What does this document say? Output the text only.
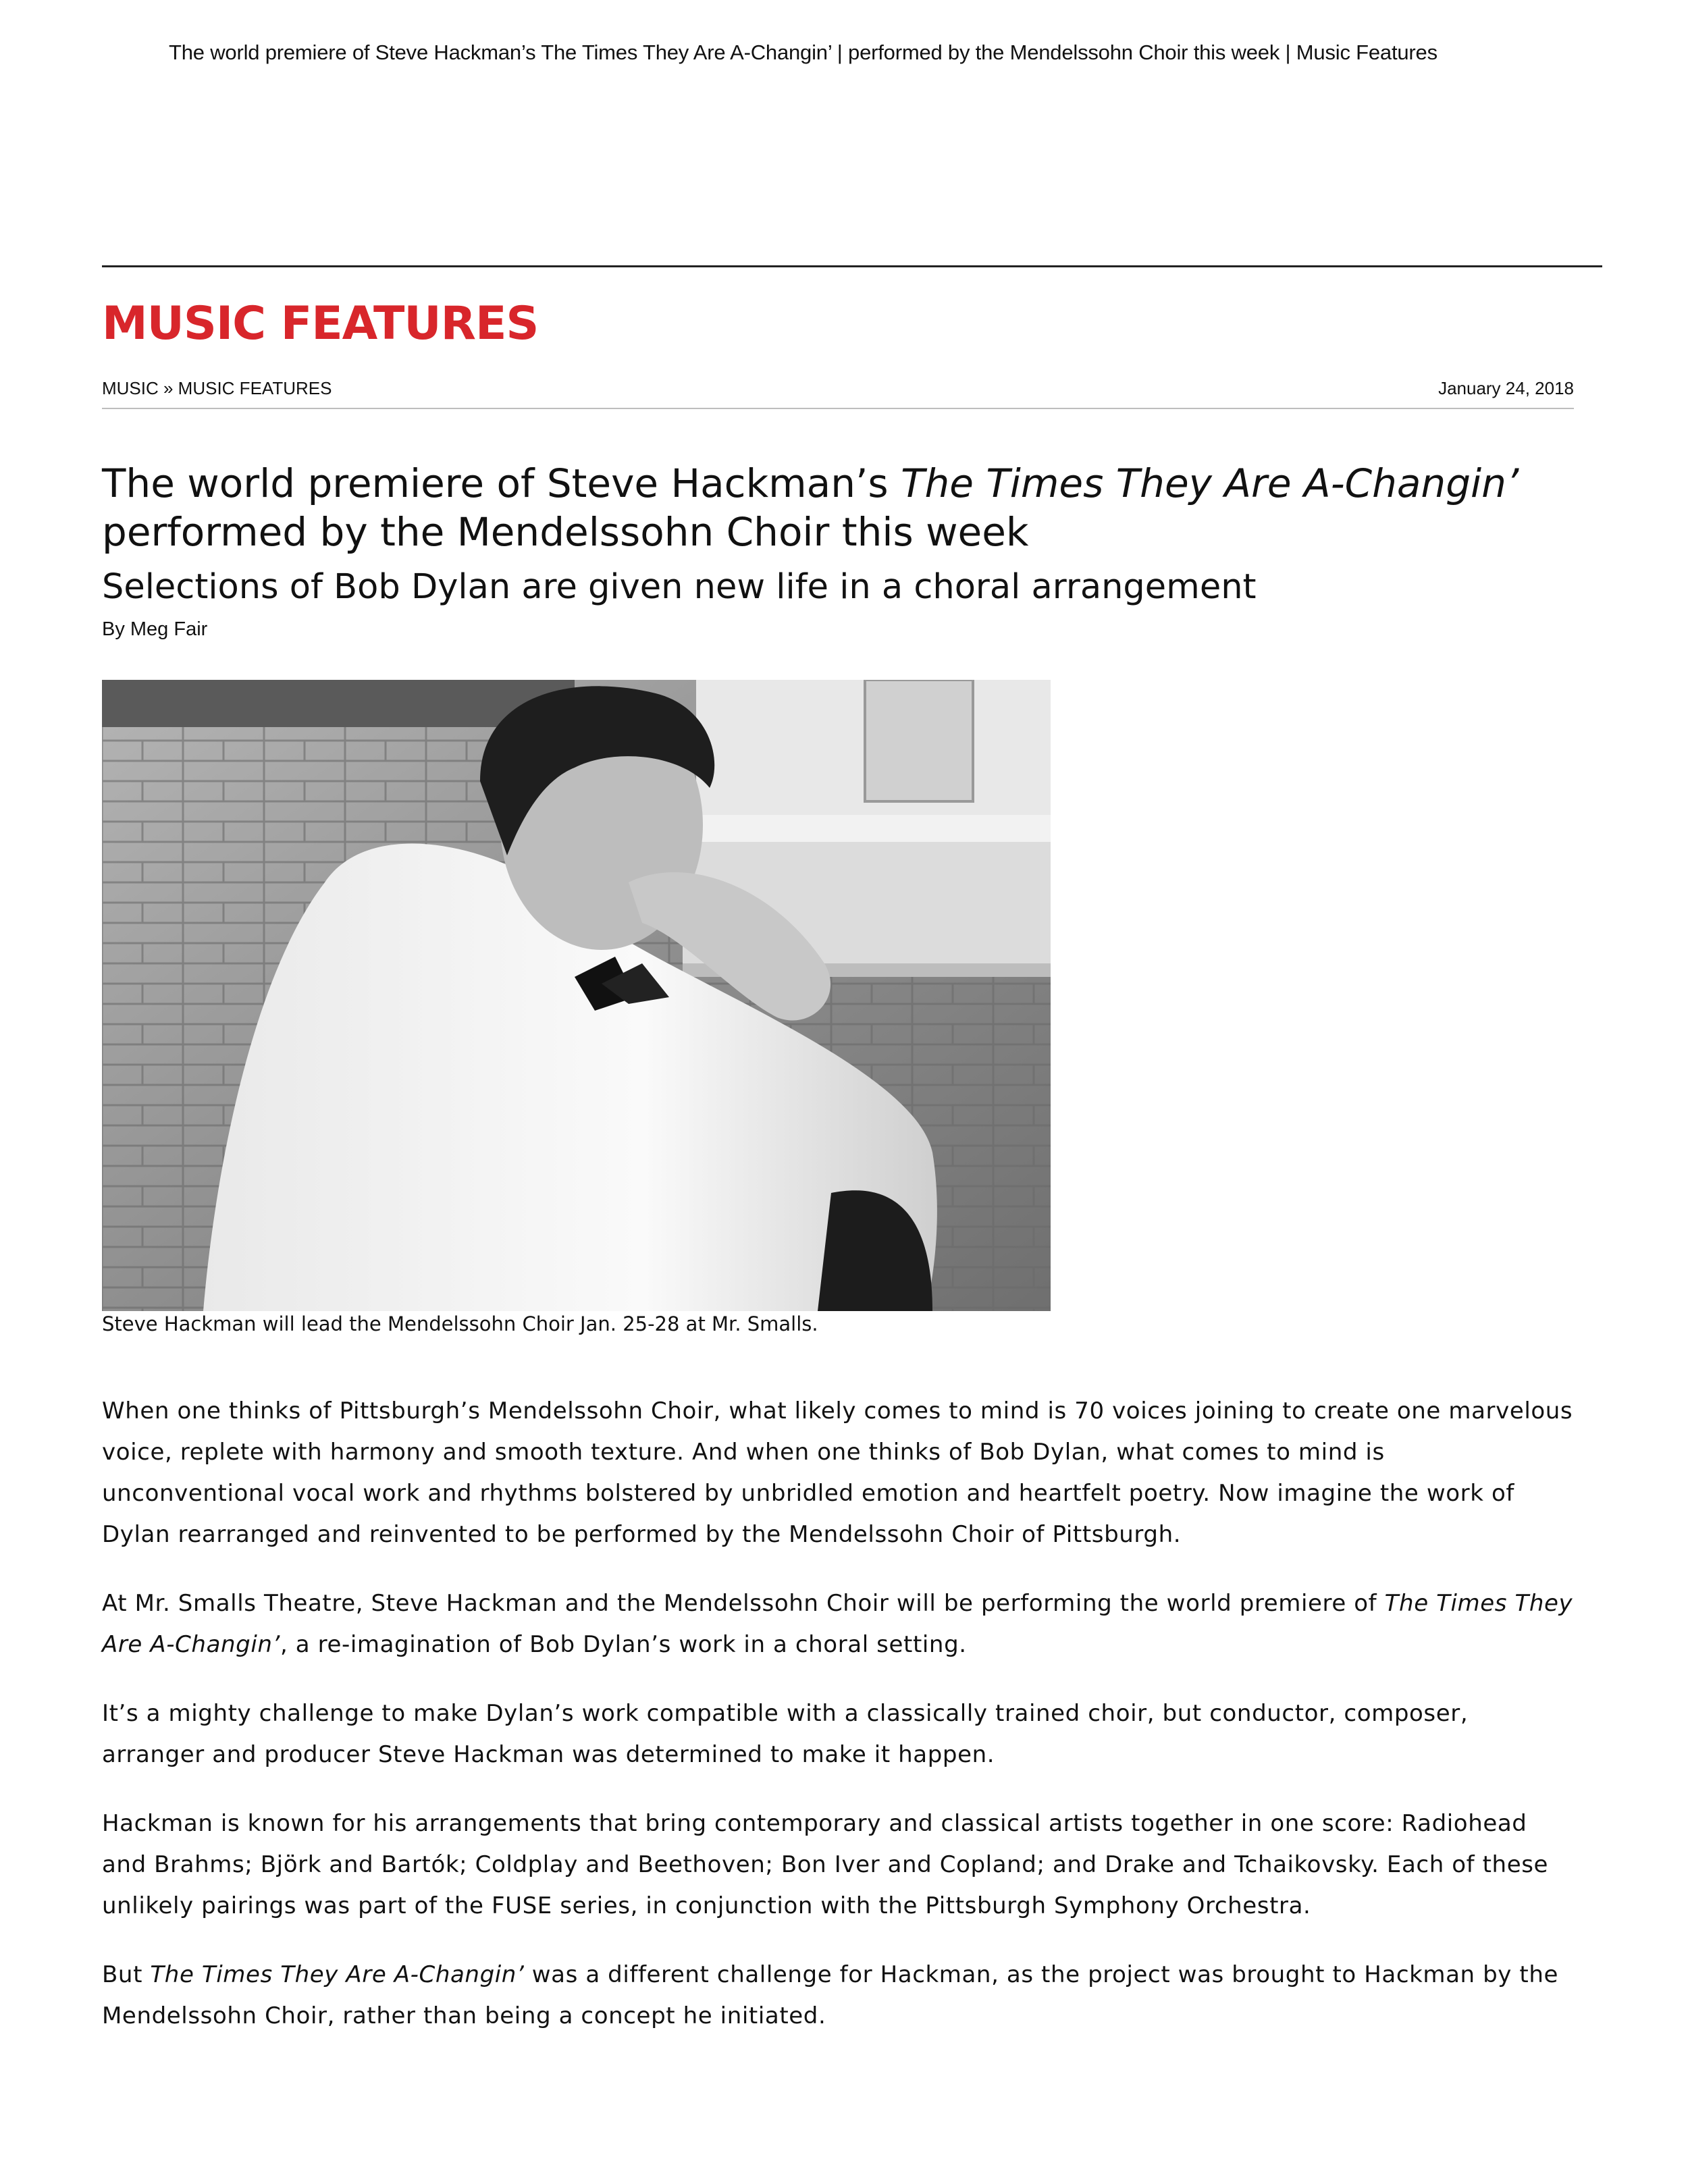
The world premiere of Steve Hackman’s The Times They Are A-Changin’ | performed by the Mendelssohn Choir this week | Music Features
MUSIC FEATURES
MUSIC » MUSIC FEATURES	January 24, 2018
The world premiere of Steve Hackman’s The Times They Are A-Changin’ performed by the Mendelssohn Choir this week
Selections of Bob Dylan are given new life in a choral arrangement
By Meg Fair
Steve Hackman will lead the Mendelssohn Choir Jan. 25-28 at Mr. Smalls.

When one thinks of Pittsburgh’s Mendelssohn Choir, what likely comes to mind is 70 voices joining to create one marvelous voice, replete with harmony and smooth texture. And when one thinks of Bob Dylan, what comes to mind is unconventional vocal work and rhythms bolstered by unbridled emotion and heartfelt poetry. Now imagine the work of Dylan rearranged and reinvented to be performed by the Mendelssohn Choir of Pittsburgh.

At Mr. Smalls Theatre, Steve Hackman and the Mendelssohn Choir will be performing the world premiere of The Times They Are A-Changin’, a re-imagination of Bob Dylan’s work in a choral setting.

It’s a mighty challenge to make Dylan’s work compatible with a classically trained choir, but conductor, composer, arranger and producer Steve Hackman was determined to make it happen.

Hackman is known for his arrangements that bring contemporary and classical artists together in one score: Radiohead and Brahms; Björk and Bartók; Coldplay and Beethoven; Bon Iver and Copland; and Drake and Tchaikovsky. Each of these unlikely pairings was part of the FUSE series, in conjunction with the Pittsburgh Symphony Orchestra.

But The Times They Are A-Changin’ was a different challenge for Hackman, as the project was brought to Hackman by the Mendelssohn Choir, rather than being a concept he initiated.
